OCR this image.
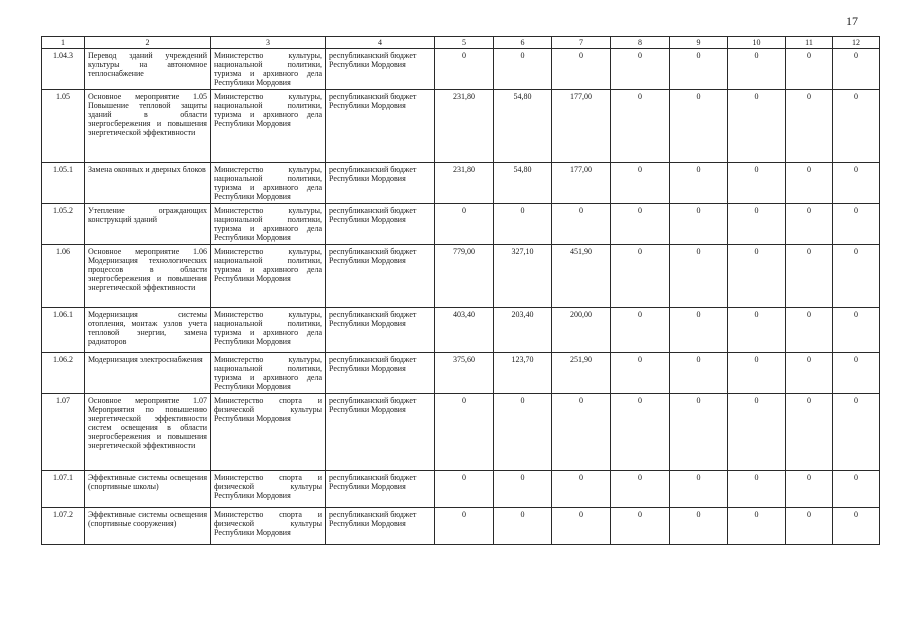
17
1	2	3	4	5	6	7	8	9	10	11	12
1.04.3	Перевод зданий учреждений культуры на автономное теплоснабжение	Министерство культуры, национальной политики, туризма и архивного дела Республики Мордовия	республиканский бюджет Республики Мордовия	0	0	0	0	0	0	0	0
1.05	Основное мероприятие 1.05 Повышение тепловой защиты зданий в области энергосбережения и повышения энергетической эффективности	Министерство культуры, национальной политики, туризма и архивного дела Республики Мордовия	республиканский бюджет Республики Мордовия	231,80	54,80	177,00	0	0	0	0	0
1.05.1	Замена оконных и дверных блоков	Министерство культуры, национальной политики, туризма и архивного дела Республики Мордовия	республиканский бюджет Республики Мордовия	231,80	54,80	177,00	0	0	0	0	0
1.05.2	Утепление ограждающих конструкций зданий	Министерство культуры, национальной политики, туризма и архивного дела Республики Мордовия	республиканский бюджет Республики Мордовия	0	0	0	0	0	0	0	0
1.06	Основное мероприятие 1.06 Модернизация технологических процессов в области энергосбережения и повышения энергетической эффективности	Министерство культуры, национальной политики, туризма и архивного дела Республики Мордовия	республиканский бюджет Республики Мордовия	779,00	327,10	451,90	0	0	0	0	0
1.06.1	Модернизация системы отопления, монтаж узлов учета тепловой энергии, замена радиаторов	Министерство культуры, национальной политики, туризма и архивного дела Республики Мордовия	республиканский бюджет Республики Мордовия	403,40	203,40	200,00	0	0	0	0	0
1.06.2	Модернизация электроснабжения	Министерство культуры, национальной политики, туризма и архивного дела Республики Мордовия	республиканский бюджет Республики Мордовия	375,60	123,70	251,90	0	0	0	0	0
1.07	Основное мероприятие 1.07 Мероприятия по повышению энергетической эффективности систем освещения в области энергосбережения и повышения энергетической эффективности	Министерство спорта и физической культуры Республики Мордовия	республиканский бюджет Республики Мордовия	0	0	0	0	0	0	0	0
1.07.1	Эффективные системы освещения (спортивные школы)	Министерство спорта и физической культуры Республики Мордовия	республиканский бюджет Республики Мордовия	0	0	0	0	0	0	0	0
1.07.2	Эффективные системы освещения (спортивные сооружения)	Министерство спорта и физической культуры Республики Мордовия	республиканский бюджет Республики Мордовия	0	0	0	0	0	0	0	0
